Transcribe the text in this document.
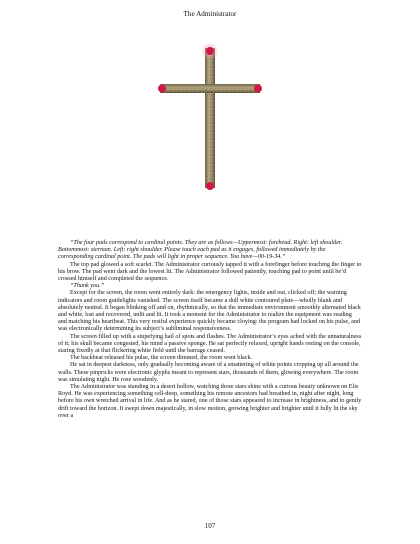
The Administrator

“The four pads correspond to cardinal points. They are as follows—Uppermost: forehead. Right: left shoulder. Bottommost: sternum. Left: right shoulder. Please touch each pad as it engages, followed immediately by the corresponding cardinal point. The pads will light in proper sequence. You have—00-19-34.”

The top pad glowed a soft scarlet. The Administrator curiously tapped it with a forefinger before touching the finger to his brow. The pad went dark and the lowest lit. The Administrator followed patiently, touching pad to point until he’d crossed himself and completed the sequence.

“Thank you.”

Except for the screen, the room went entirely dark: the emergency lights, inside and out, clicked off; the warning indicators and room guidelights vanished. The screen itself became a dull white contoured plate—wholly blank and absolutely neutral. It began blinking off and on, rhythmically, so that the immediate environment smoothly alternated black and white, lost and recovered, unlit and lit. It took a moment for the Administrator to realize the equipment was reading and matching his heartbeat. This very restful experience quickly became cloying: the program had locked on his pulse, and was electronically determining its subject’s subliminal responsiveness.

The screen filled up with a stupefying hail of spots and flashes. The Administrator’s eyes ached with the unnaturalness of it; his skull became congested, his mind a passive sponge. He sat perfectly relaxed, upright hands resting on the console, staring fixedly at that flickering white field until the barrage ceased.

The backbeat released his pulse, the screen dimmed, the room went black.

He sat in deepest darkness, only gradually becoming aware of a smattering of white points cropping up all around the walls. These pinpricks were electronic glyphs meant to represent stars, thousands of them, glowing everywhere. The room was simulating night. He rose woodenly.

The Administrator was standing in a desert hollow, watching those stars shine with a curious beauty unknown on Elis Royd. He was experiencing something cell-deep, something his remote ancestors had breathed in, night after night, long before his own wretched arrival in life. And as he stared, one of those stars appeared to increase in brightness, and to gently drift toward the horizon. It swept down majestically, in slow motion, growing brighter and brighter until it fully lit the sky over a

107
